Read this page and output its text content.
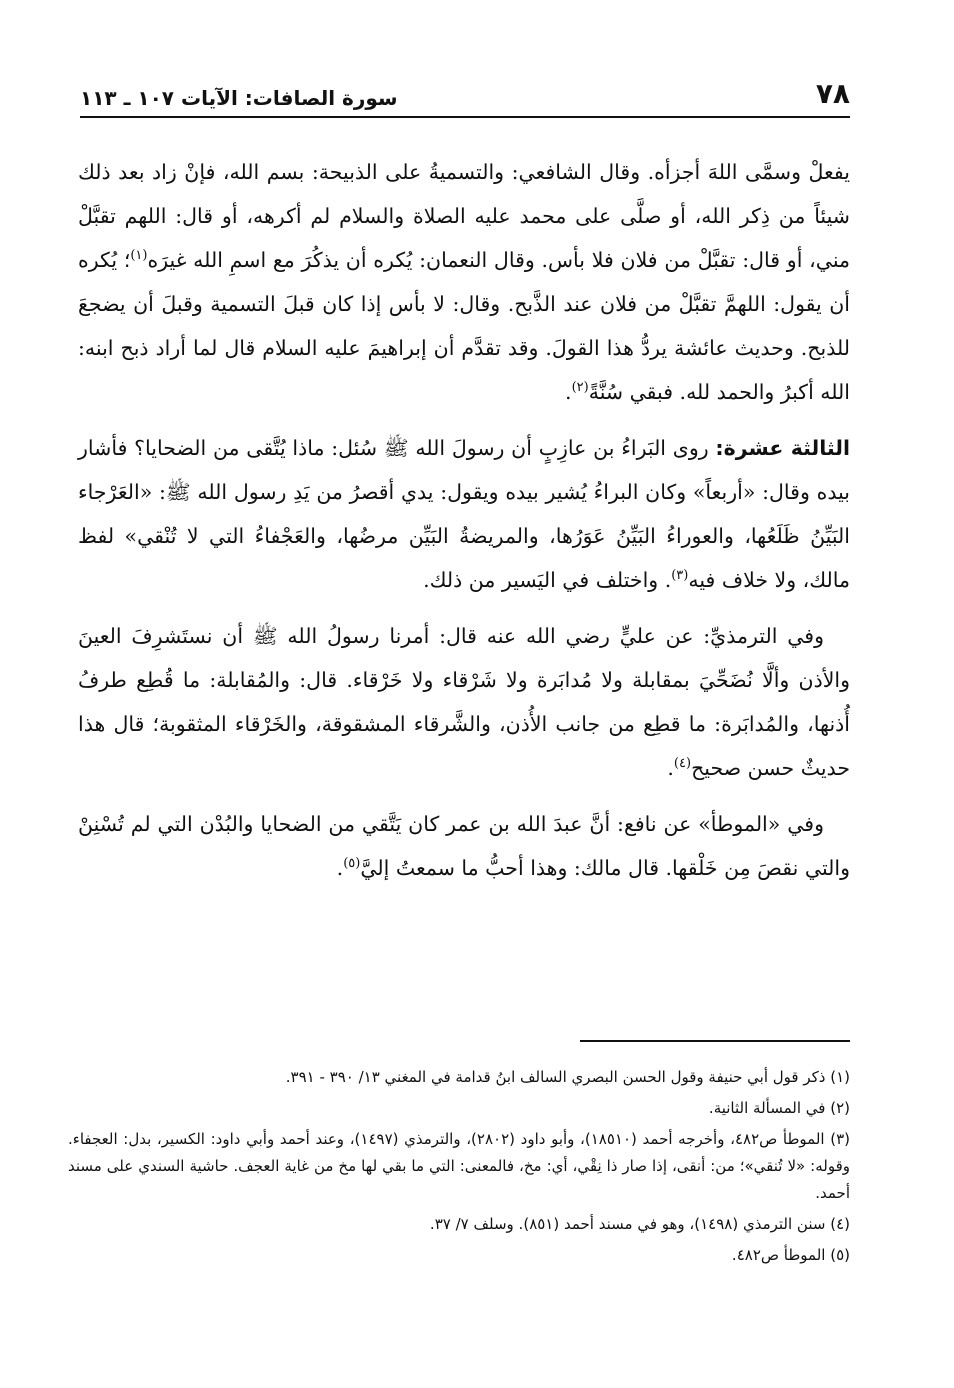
٧٨
سورة الصافات: الآيات ١٠٧ ـ ١١٣

يفعلْ وسمَّى اللهَ أجزأه. وقال الشافعي: والتسميةُ على الذبيحة: بسم الله، فإنْ زاد بعد ذلك شيئاً من ذِكر الله، أو صلَّى على محمد عليه الصلاة والسلام لم أكرهه، أو قال: اللهم تقبَّلْ مني، أو قال: تقبَّلْ من فلان فلا بأس. وقال النعمان: يُكره أن يذكُرَ مع اسمِ الله غيرَه$^{(١)}$؛ يُكره أن يقول: اللهمَّ تقبَّلْ من فلان عند الذَّبح. وقال: لا بأس إذا كان قبلَ التسمية وقبلَ أن يضجعَ للذبح. وحديث عائشة يردُّ هذا القولَ. وقد تقدَّم أن إبراهيمَ عليه السلام قال لما أراد ذبح ابنه: الله أكبرُ والحمد لله. فبقي سُنَّةً$^{(٢)}$.

الثالثة عشرة: روى البَراءُ بن عازِبٍ أن رسولَ الله ﷺ سُئل: ماذا يُتَّقى من الضحايا؟ فأشار بيده وقال: «أربعاً» وكان البراءُ يُشير بيده ويقول: يدي أقصرُ من يَدِ رسول الله ﷺ: «العَرْجاء البَيِّنُ ظَلَعُها، والعوراءُ البَيِّنُ عَوَرُها، والمريضةُ البَيِّن مرضُها، والعَجْفاءُ التي لا تُنْقي» لفظ مالك، ولا خلاف فيه$^{(٣)}$. واختلف في اليَسير من ذلك.

وفي الترمذيِّ: عن عليٍّ رضي الله عنه قال: أمرنا رسولُ الله ﷺ أن نستَشرِفَ العينَ والأذن وألَّا نُضَحِّيَ بمقابلة ولا مُدابَرة ولا شَرْقاء ولا خَرْقاء. قال: والمُقابلة: ما قُطِع طرفُ أُذنها، والمُدابَرة: ما قطِع من جانب الأُذن، والشَّرقاء المشقوقة، والخَرْقاء المثقوبة؛ قال هذا حديثٌ حسن صحيح$^{(٤)}$.

وفي «الموطأ» عن نافع: أنَّ عبدَ الله بن عمر كان يَتَّقي من الضحايا والبُدْن التي لم تُسْنِنْ والتي نقصَ مِن خَلْقها. قال مالك: وهذا أحبُّ ما سمعتُ إليَّ$^{(٥)}$.

(١) ذكر قول أبي حنيفة وقول الحسن البصري السالف ابنُ قدامة في المغني ١٣/ ٣٩٠ - ٣٩١.

(٢) في المسألة الثانية.

(٣) الموطأ ص٤٨٢، وأخرجه أحمد (١٨٥١٠)، وأبو داود (٢٨٠٢)، والترمذي (١٤٩٧)، وعند أحمد وأبي داود: الكسير، بدل: العجفاء. وقوله: «لا تُنقي»؛ من: أنقى، إذا صار ذا نِقْي، أي: مخ، فالمعنى: التي ما بقي لها مخ من غاية العجف. حاشية السندي على مسند أحمد.

(٤) سنن الترمذي (١٤٩٨)، وهو في مسند أحمد (٨٥١). وسلف ٧/ ٣٧.

(٥) الموطأ ص٤٨٢.
